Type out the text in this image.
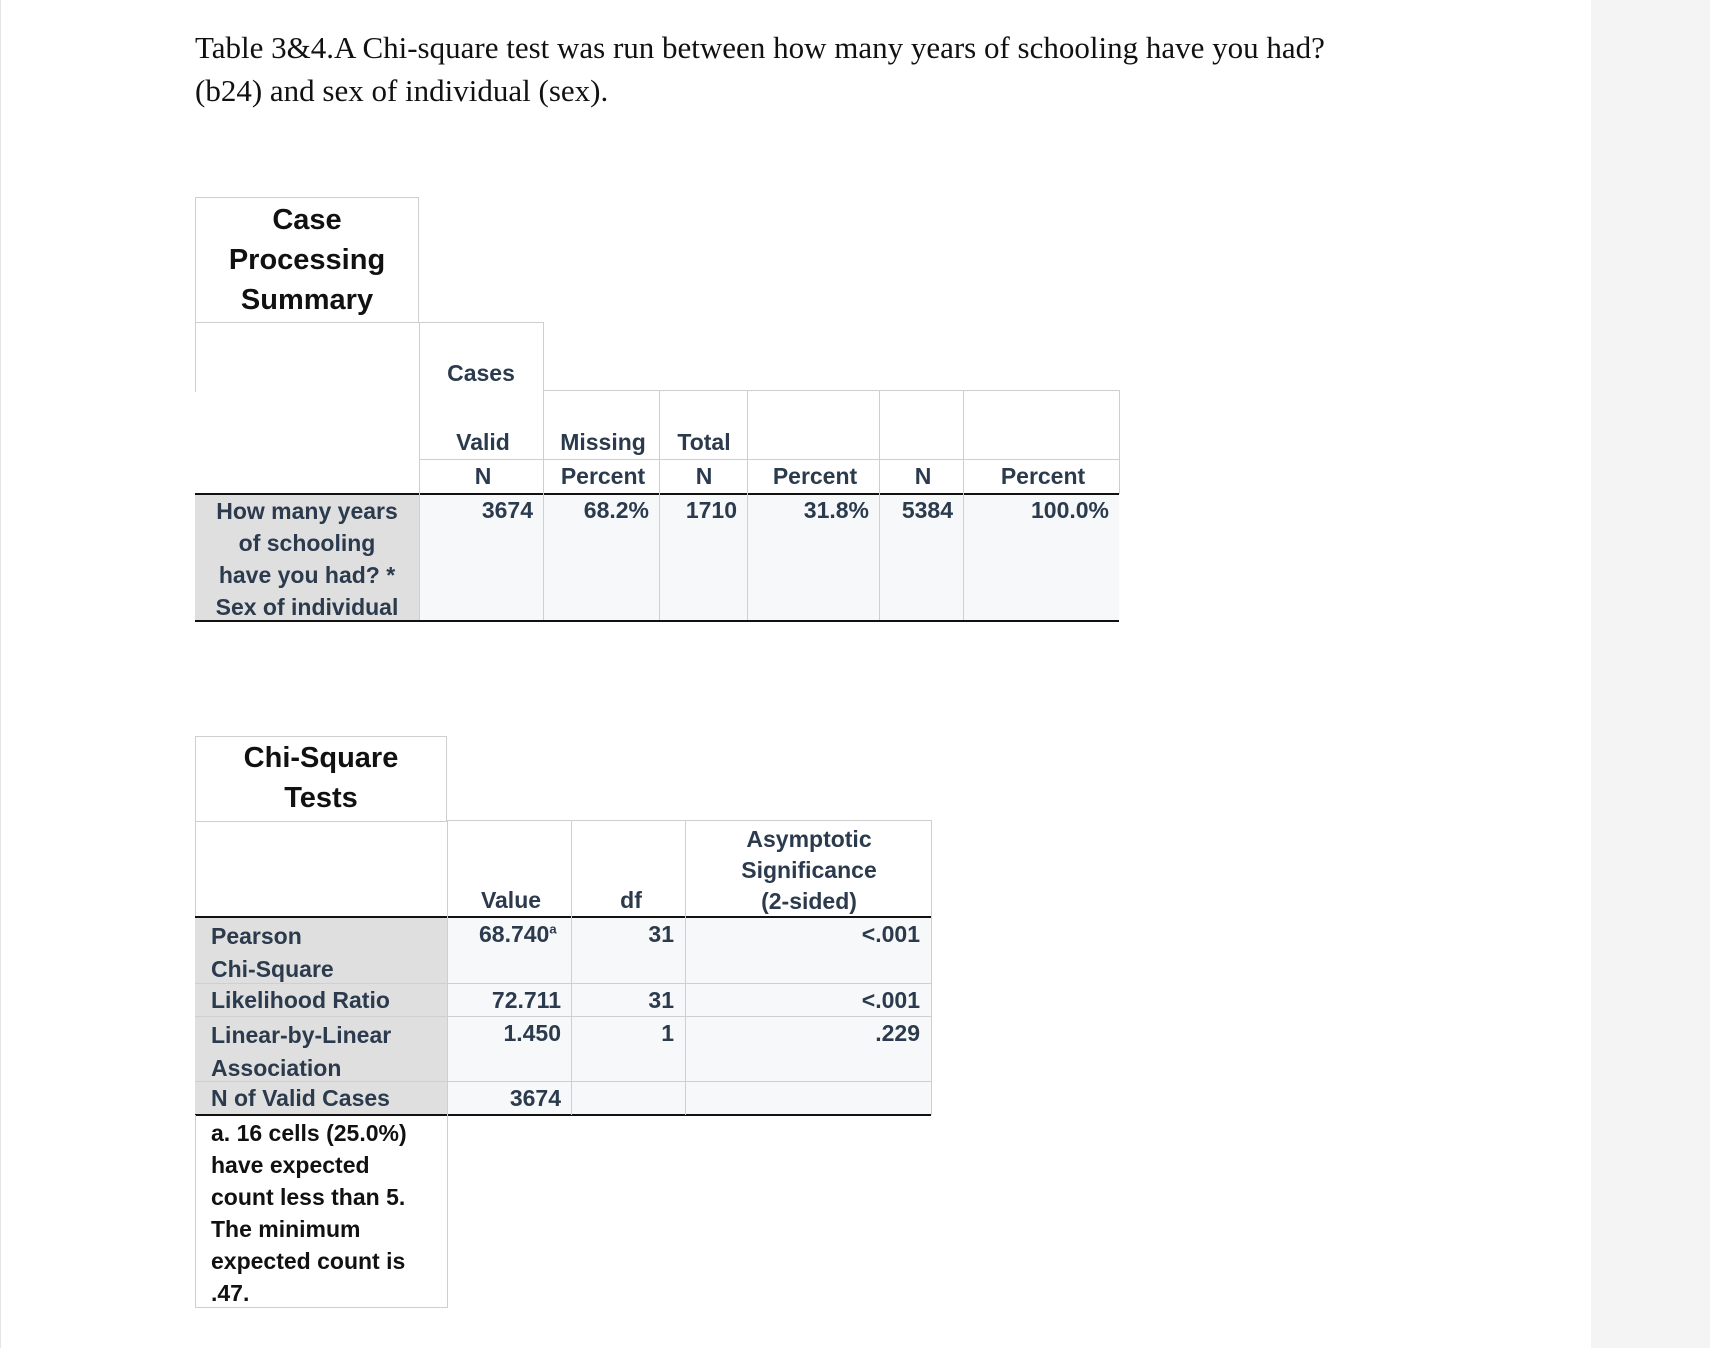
Table 3&4.A Chi-square test was run between how many years of schooling have you had?
(b24) and sex of individual (sex).
Case
Processing
Summary
Cases
Valid	Missing	Total
N	Percent	N	Percent	N	Percent
How many years
of schooling
have you had? *
Sex of individual
3674	68.2%	1710	31.8%	5384	100.0%
Chi-Square
Tests
Value	df
Asymptotic
Significance
(2-sided)
Pearson
Chi-Square
68.740$^a$	31	<.001
Likelihood Ratio	72.711	31	<.001
Linear-by-Linear
Association
1.450	1	.229
N of Valid Cases	3674
a. 16 cells (25.0%)
have expected
count less than 5.
The minimum
expected count is
.47.
